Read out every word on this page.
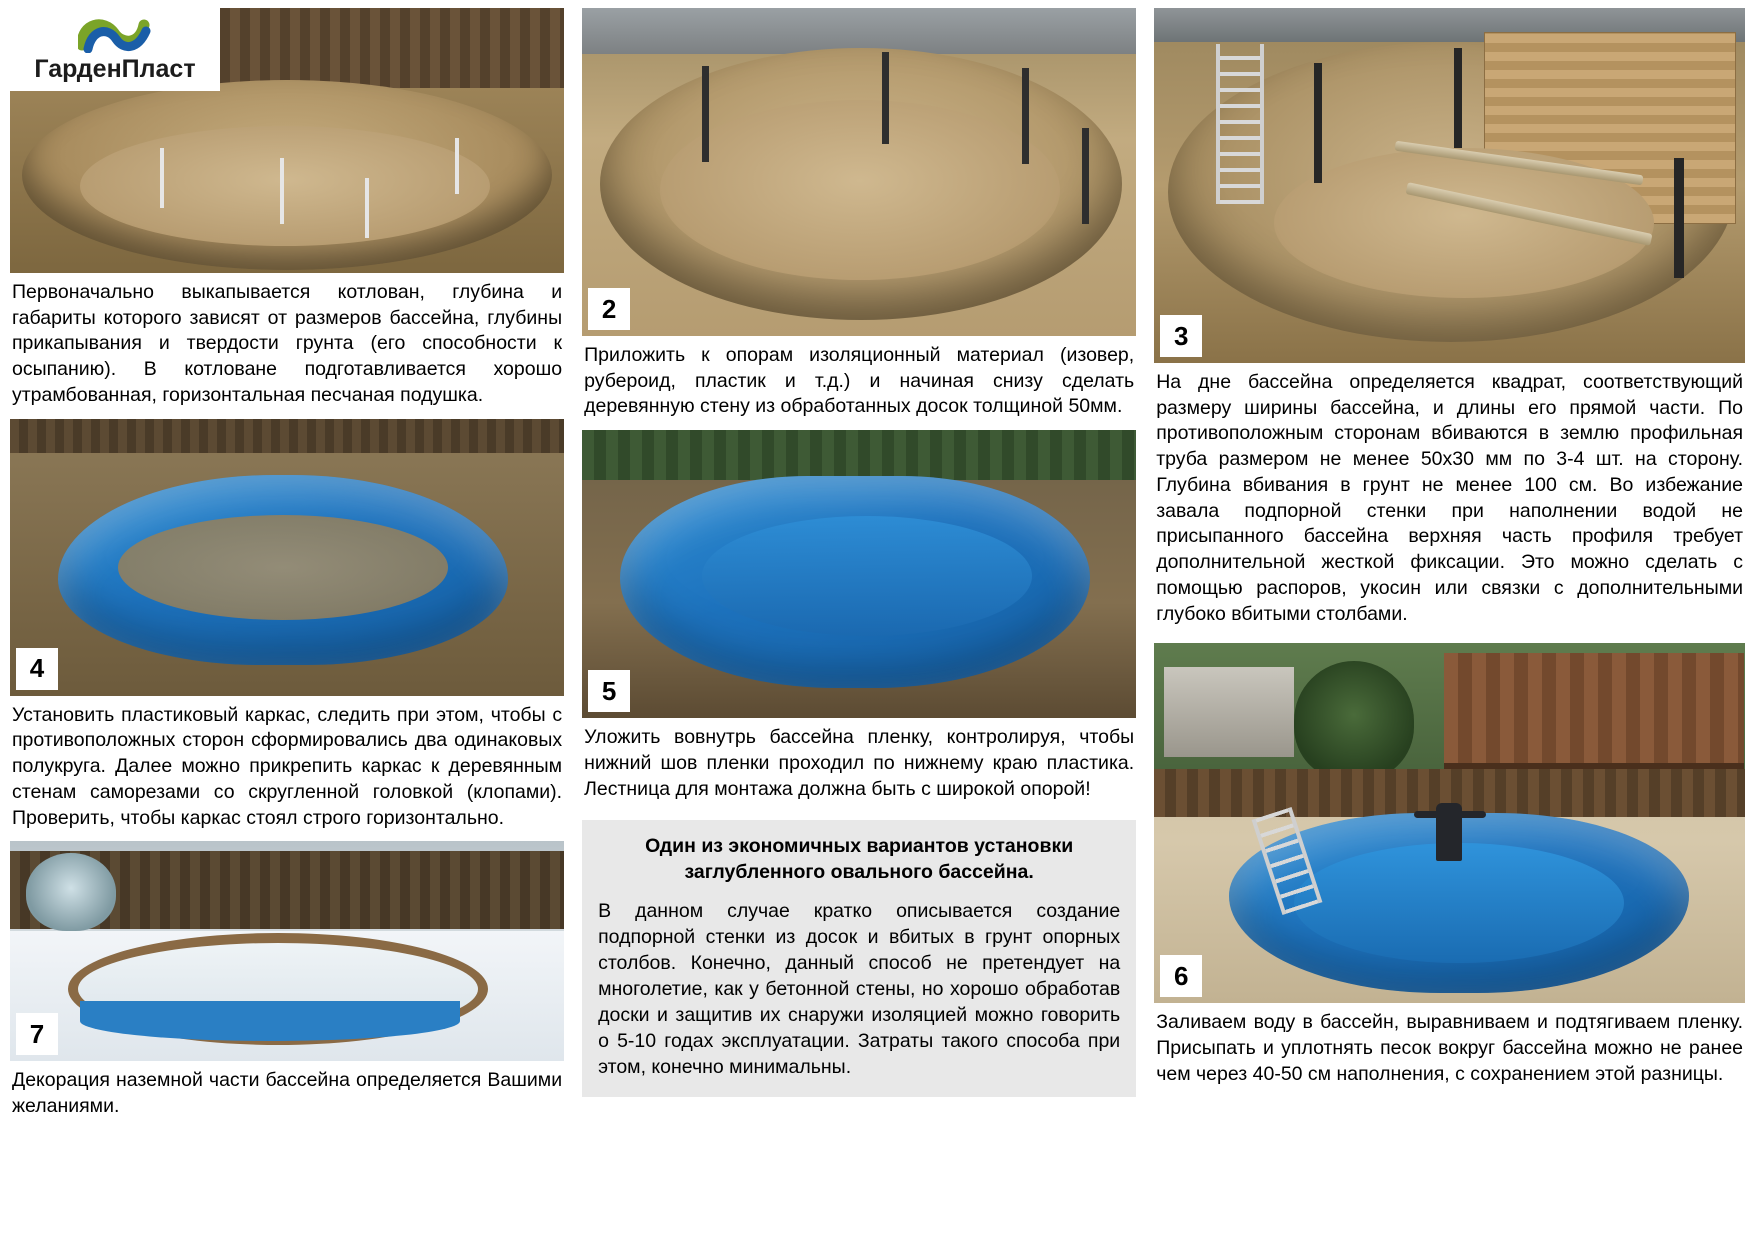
Первоначально выкапывается котлован, глубина и габариты которого зависят от размеров бассейна, глубины прикапывания и твердости грунта (его способности к осыпанию). В котловане подготавливается хорошо утрамбованная, горизонтальная песчаная подушка.
4
Установить пластиковый каркас, следить при этом, чтобы с противоположных сторон сформировались два одинаковых полукруга. Далее можно прикрепить каркас к деревянным стенам саморезами со скругленной головкой (клопами). Проверить, чтобы каркас стоял строго горизонтально.
7
Декорация наземной части бассейна определяется Вашими желаниями.
2
Приложить к опорам изоляционный материал (изовер, рубероид, пластик и т.д.) и начиная снизу сделать деревянную стену из обработанных досок толщиной 50мм.
5
Уложить вовнутрь бассейна пленку, контролируя, чтобы нижний шов пленки проходил по нижнему краю пластика. Лестница для монтажа должна быть с широкой опорой!
Один из экономичных вариантов установки заглубленного овального бассейна.
В данном случае кратко описывается создание подпорной стенки из досок и вбитых в грунт опорных столбов. Конечно, данный способ не претендует на многолетие, как у бетонной стены, но хорошо обработав доски и защитив их снаружи изоляцией можно говорить о 5-10 годах эксплуатации. Затраты такого способа при этом, конечно минимальны.
3
На дне бассейна определяется квадрат, соответствующий размеру ширины бассейна, и длины его прямой части. По противоположным сторонам вбиваются в землю профильная труба размером не менее 50х30 мм по 3-4 шт. на сторону. Глубина вбивания в грунт не менее 100 см. Во избежание завала подпорной стенки при наполнении водой не присыпанного бассейна верхняя часть профиля требует дополнительной жесткой фиксации. Это можно сделать с помощью распоров, укосин или связки с дополнительными глубоко вбитыми столбами.
6
Заливаем воду в бассейн, выравниваем и подтягиваем пленку. Присыпать и уплотнять песок вокруг бассейна можно не ранее чем через 40-50 см наполнения, с сохранением этой разницы.
ГарденПласт
